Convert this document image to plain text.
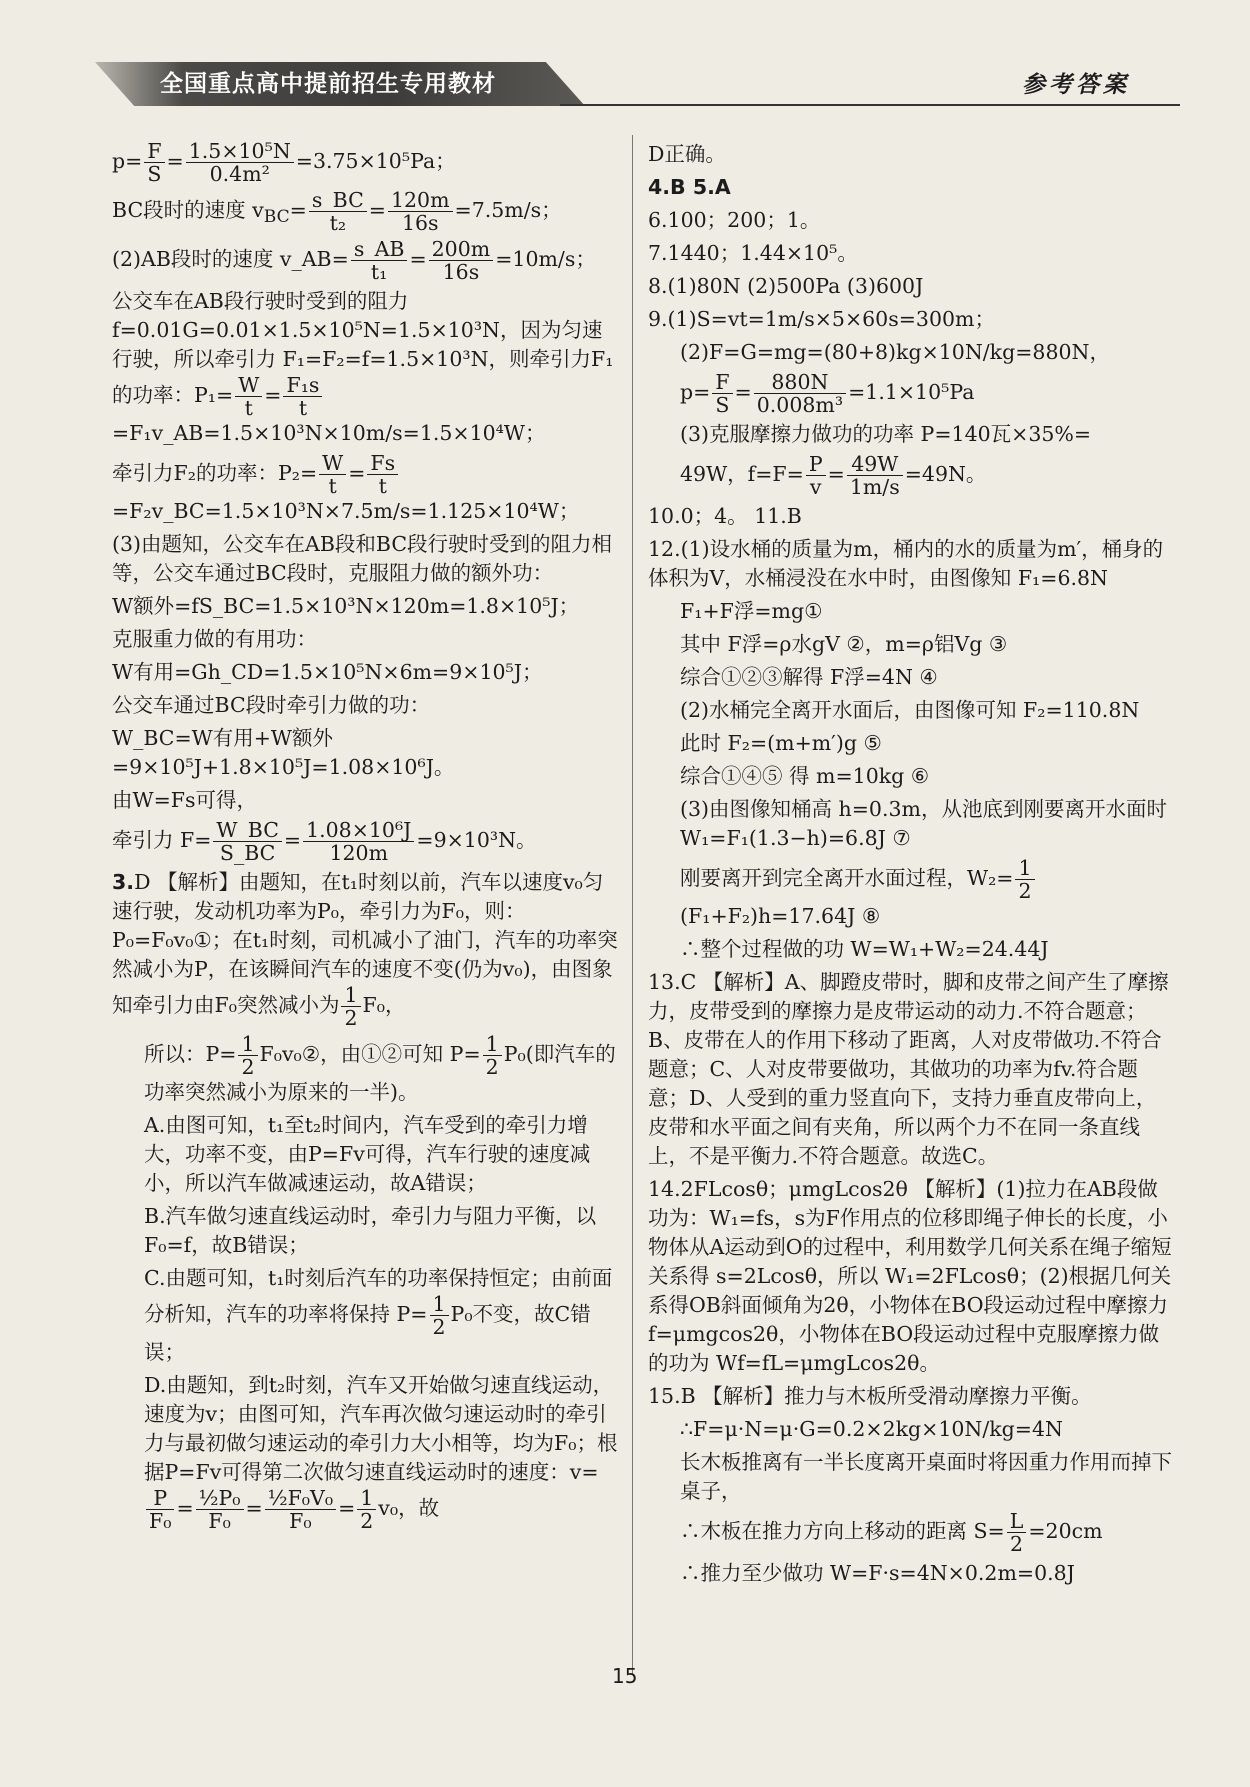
全国重点高中提前招生专用教材	参考答案

$p= \frac{F}{S} = \frac{\text{1.5×10⁵N}}{\text{0.4m²}} =3.75\times 10^5Pa$；

BC段时的速度 $v_{BC}= \frac{s\_BC}{\text{t₂}} = \frac{120m}{16s} =7.5m/s$；

(2)AB段时的速度 v_AB= $\frac{s\_AB}{\text{t₁}} = \frac{200m}{16s} =10m/s$；

公交车在AB段行驶时受到的阻力 f=0.01G=0.01×1.5×10⁵N=1.5×10³N，因为匀速行驶，所以牵引力 F₁=F₂=f=1.5×10³N，则牵引力F₁的功率：$P_1= \frac{W}{t} = \frac{\text{F₁s}}{t}$
=F₁v_AB=1.5×10³N×10m/s=1.5×10⁴W；

牵引力F₂的功率：$P_2= \frac{W}{t} = \frac{Fs}{t}$
=F₂v_BC=1.5×10³N×7.5m/s=1.125×10⁴W；

(3)由题知，公交车在AB段和BC段行驶时受到的阻力相等，公交车通过BC段时，克服阻力做的额外功：

W额外=fS_BC=1.5×10³N×120m=1.8×10⁵J；

克服重力做的有用功：

W有用=Gh_CD=1.5×10⁵N×6m=9×10⁵J；

公交车通过BC段时牵引力做的功：

W_BC=W有用+W额外=9×10⁵J+1.8×10⁵J=1.08×10⁶J。

由W=Fs可得，

牵引力 $F= \frac{W\_BC}{S\_BC} = \frac{\text{1.08×10⁶J}}{120m} =9\times 10^3N$。

3.D 【解析】由题知，在t₁时刻以前，汽车以速度v₀匀速行驶，发动机功率为P₀，牵引力为F₀，则：P₀=F₀v₀①；在t₁时刻，司机减小了油门，汽车的功率突然减小为P，在该瞬间汽车的速度不变(仍为v₀)，由图象知牵引力由F₀突然减小为 $\frac{1}{2} F_0$，

所以：$P= \frac{1}{2}$ F₀v₀②，由①②可知 $P= \frac{1}{2} P_0$(即汽车的功率突然减小为原来的一半)。

A.由图可知，t₁至t₂时间内，汽车受到的牵引力增大，功率不变，由P=Fv可得，汽车行驶的速度减小，所以汽车做减速运动，故A错误；

B.汽车做匀速直线运动时，牵引力与阻力平衡，以F₀=f，故B错误；

C.由题可知，t₁时刻后汽车的功率保持恒定；由前面分析知，汽车的功率将保持 $P= \frac{1}{2} P_0$不变，故C错误；

D.由题知，到t₂时刻，汽车又开始做匀速直线运动，速度为v；由图可知，汽车再次做匀速运动时的牵引力与最初做匀速运动的牵引力大小相等，均为F₀；根据P=Fv可得第二次做匀速直线运动时的速度：v=
$\frac{P}{\text{F₀}} = \frac{\text{½P₀}}{\text{F₀}} = \frac{\text{½F₀V₀}}{\text{F₀}} = \frac{1}{2} v_0$，故

D正确。

4.B 5.A

6.100；200；1。

7.1440；1.44×10⁵。

8.(1)80N (2)500Pa (3)600J

9.(1)S=vt=1m/s×5×60s=300m；

(2)F=G=mg=(80+8)kg×10N/kg=880N，

$p= \frac{F}{S} = \frac{880N}{\text{0.008m³}} =1.1\times 10^5Pa$

(3)克服摩擦力做功的功率 P=140瓦×35%=

49W，$f=F= \frac{P}{v} = \frac{49W}{1m/s} =49N$。

10.0；4。 11.B

12.(1)设水桶的质量为m，桶内的水的质量为m′，桶身的体积为V，水桶浸没在水中时，由图像知 F₁=6.8N

F₁+F浮=mg①

其中 F浮=ρ水gV ②，m=ρ铝Vg ③

综合①②③解得 F浮=4N ④

(2)水桶完全离开水面后，由图像可知 F₂=110.8N

此时 F₂=(m+m′)g ⑤

综合①④⑤ 得 m=10kg ⑥

(3)由图像知桶高 h=0.3m，从池底到刚要离开水面时 W₁=F₁(1.3−h)=6.8J ⑦

刚要离开到完全离开水面过程，$W_2= \frac{1}{2}$
(F₁+F₂)h=17.64J ⑧

∴整个过程做的功 W=W₁+W₂=24.44J

13.C 【解析】A、脚蹬皮带时，脚和皮带之间产生了摩擦力，皮带受到的摩擦力是皮带运动的动力.不符合题意；B、皮带在人的作用下移动了距离，人对皮带做功.不符合题意；C、人对皮带要做功，其做功的功率为fv.符合题意；D、人受到的重力竖直向下，支持力垂直皮带向上，皮带和水平面之间有夹角，所以两个力不在同一条直线上，不是平衡力.不符合题意。故选C。

14.2FLcosθ；μmgLcos2θ 【解析】(1)拉力在AB段做功为：W₁=fs，s为F作用点的位移即绳子伸长的长度，小物体从A运动到O的过程中，利用数学几何关系在绳子缩短关系得 s=2Lcosθ，所以 W₁=2FLcosθ；(2)根据几何关系得OB斜面倾角为2θ，小物体在BO段运动过程中摩擦力 f=μmgcos2θ，小物体在BO段运动过程中克服摩擦力做的功为 Wf=fL=μmgLcos2θ。

15.B 【解析】推力与木板所受滑动摩擦力平衡。

∴F=μ·N=μ·G=0.2×2kg×10N/kg=4N

长木板推离有一半长度离开桌面时将因重力作用而掉下桌子，

∴木板在推力方向上移动的距离 $S= \frac{L}{2} =20cm$

∴推力至少做功 W=F·s=4N×0.2m=0.8J

15
